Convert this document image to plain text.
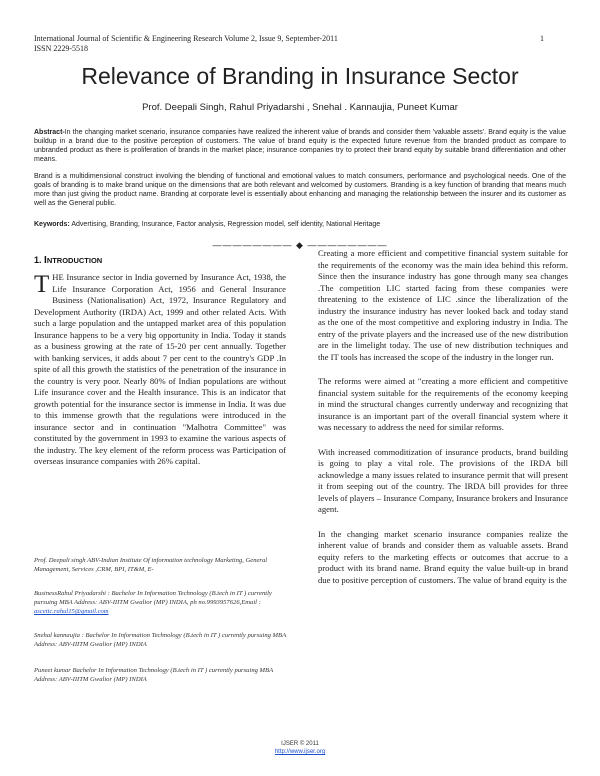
International Journal of Scientific & Engineering Research Volume 2, Issue 9, September-2011
ISSN 2229-5518
1
Relevance of Branding in Insurance Sector
Prof. Deepali Singh, Rahul Priyadarshi , Snehal . Kannaujia, Puneet Kumar
Abstract-In the changing market scenario, insurance companies have realized the inherent value of brands and consider them 'valuable assets'. Brand equity is the value buildup in a brand due to the positive perception of customers. The value of brand equity is the expected future revenue from the branded product as compare to unbranded product as there is proliferation of brands in the market place; insurance companies try to protect their brand equity by suitable brand differentiation and other means.
Brand is a multidimensional construct involving the blending of functional and emotional values to match consumers, performance and psychological needs. One of the goals of branding is to make brand unique on the dimensions that are both relevant and welcomed by customers. Branding is a key function of branding that means much more than just giving the product name. Branding at corporate level is essentially about enhancing and managing the relationship between the insurer and its customer as well as the General public.
Keywords: Advertising, Branding, Insurance, Factor analysis, Regression model, self identity, National Heritage
———————— ◆ ————————
1. INTRODUCTION

THE Insurance sector in India governed by Insurance Act, 1938, the Life Insurance Corporation Act, 1956 and General Insurance Business (Nationalisation) Act, 1972, Insurance Regulatory and Development Authority (IRDA) Act, 1999 and other related Acts. With such a large population and the untapped market area of this population Insurance happens to be a very big opportunity in India. Today it stands as a business growing at the rate of 15-20 per cent annually. Together with banking services, it adds about 7 per cent to the country's GDP .In spite of all this growth the statistics of the penetration of the insurance in the country is very poor. Nearly 80% of Indian populations are without Life insurance cover and the Health insurance. This is an indicator that growth potential for the insurance sector is immense in India. It was due to this immense growth that the regulations were introduced in the insurance sector and in continuation "Malhotra Committee" was constituted by the government in 1993 to examine the various aspects of the industry. The key element of the reform process was Participation of overseas insurance companies with 26% capital.

Prof. Deepali singh ABV-Indian Institute Of information technology Marketing, General Management, Services ,CRM, BPI, IT&M, E-
BusinessRahul Priyadarshi : Bachelor In Information Technology (B.tech in IT ) currently pursuing MBA Address: ABV-IIITM Gwalior (MP) INDIA, ph no.9993957626,Email : ascetic.rahul15@gmail.com
Snehal kannaujia : Bachelor In Information Technology (B.tech in IT ) currently pursuing MBA Address: ABV-IIITM Gwalior (MP) INDIA
Puneet kumar Bachelor In Information Technology (B.tech in IT ) currently pursuing MBA Address: ABV-IIITM Gwalior (MP) INDIA

Creating a more efficient and competitive financial system suitable for the requirements of the economy was the main idea behind this reform. Since then the insurance industry has gone through many sea changes .The competition LIC started facing from these companies were threatening to the existence of LIC .since the liberalization of the industry the insurance industry has never looked back and today stand as the one of the most competitive and exploring industry in India. The entry of the private players and the increased use of the new distribution are in the limelight today. The use of new distribution techniques and the IT tools has increased the scope of the industry in the longer run.

The reforms were aimed at "creating a more efficient and competitive financial system suitable for the requirements of the economy keeping in mind the structural changes currently underway and recognizing that insurance is an important part of the overall financial system where it was necessary to address the need for similar reforms.

With increased commoditization of insurance products, brand building is going to play a vital role. The provisions of the IRDA bill acknowledge a many issues related to insurance permit that will present it from seeping out of the country. The IRDA bill provides for three levels of players – Insurance Company, Insurance brokers and Insurance agent.

In the changing market scenario insurance companies realize the inherent value of brands and consider them as valuable assets. Brand equity refers to the marketing effects or outcomes that accrue to a product with its brand name. Brand equity the value built-up in brand due to positive perception of customers. The value of brand equity is the

IJSER © 2011
http://www.ijser.org
